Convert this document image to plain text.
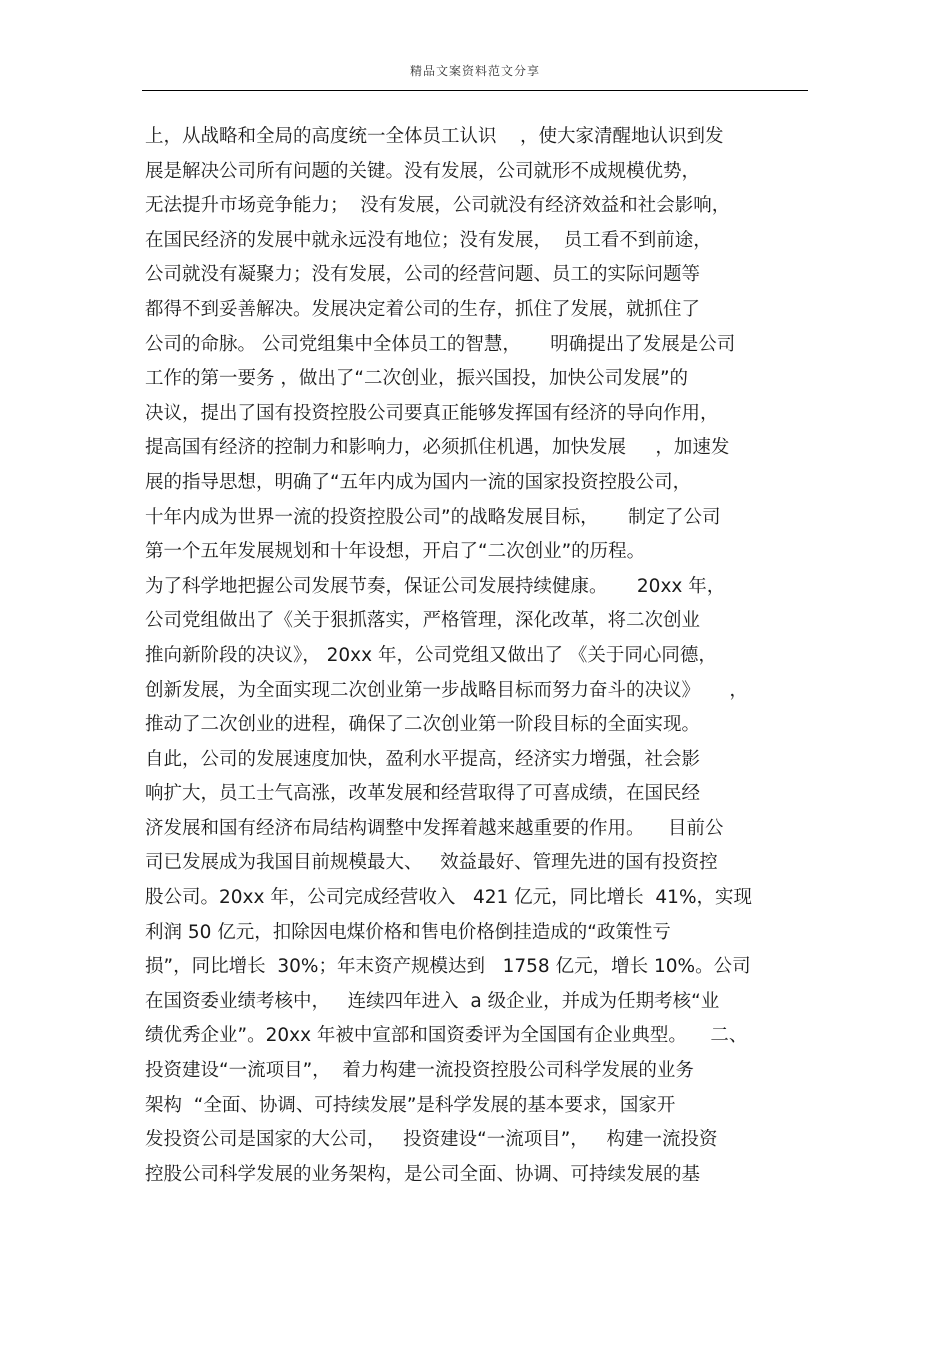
精品文案资料范文分享
上，从战略和全局的高度统一全体员工认识    ，使大家清醒地认识到发
展是解决公司所有问题的关键。没有发展，公司就形不成规模优势，
无法提升市场竞争能力；  没有发展，公司就没有经济效益和社会影响，
在国民经济的发展中就永远没有地位；没有发展，  员工看不到前途，
公司就没有凝聚力；没有发展，公司的经营问题、员工的实际问题等
都得不到妥善解决。发展决定着公司的生存，抓住了发展，就抓住了
公司的命脉。 公司党组集中全体员工的智慧，     明确提出了发展是公司
工作的第一要务 ，做出了“二次创业，振兴国投，加快公司发展”的
决议，提出了国有投资控股公司要真正能够发挥国有经济的导向作用，
提高国有经济的控制力和影响力，必须抓住机遇，加快发展     ，加速发
展的指导思想，明确了“五年内成为国内一流的国家投资控股公司，
十年内成为世界一流的投资控股公司”的战略发展目标，     制定了公司
第一个五年发展规划和十年设想，开启了“二次创业”的历程。
为了科学地把握公司发展节奏，保证公司发展持续健康。     20xx 年，
公司党组做出了《关于狠抓落实，严格管理，深化改革，将二次创业
推向新阶段的决议》， 20xx 年，公司党组又做出了 《关于同心同德，
创新发展，为全面实现二次创业第一步战略目标而努力奋斗的决议》     ，
推动了二次创业的进程，确保了二次创业第一阶段目标的全面实现。
自此，公司的发展速度加快，盈利水平提高，经济实力增强，社会影
响扩大，员工士气高涨，改革发展和经营取得了可喜成绩，在国民经
济发展和国有经济布局结构调整中发挥着越来越重要的作用。    目前公
司已发展成为我国目前规模最大、   效益最好、管理先进的国有投资控
股公司。20xx 年，公司完成经营收入   421 亿元，同比增长  41%，实现
利润 50 亿元，扣除因电煤价格和售电价格倒挂造成的“政策性亏
损”，同比增长  30%；年末资产规模达到   1758 亿元，增长 10%。公司
在国资委业绩考核中，   连续四年进入  a 级企业，并成为任期考核“业
绩优秀企业”。20xx 年被中宣部和国资委评为全国国有企业典型。    二、
投资建设“一流项目”，  着力构建一流投资控股公司科学发展的业务
架构  “全面、协调、可持续发展”是科学发展的基本要求，国家开
发投资公司是国家的大公司，   投资建设“一流项目”，   构建一流投资
控股公司科学发展的业务架构，是公司全面、协调、可持续发展的基
